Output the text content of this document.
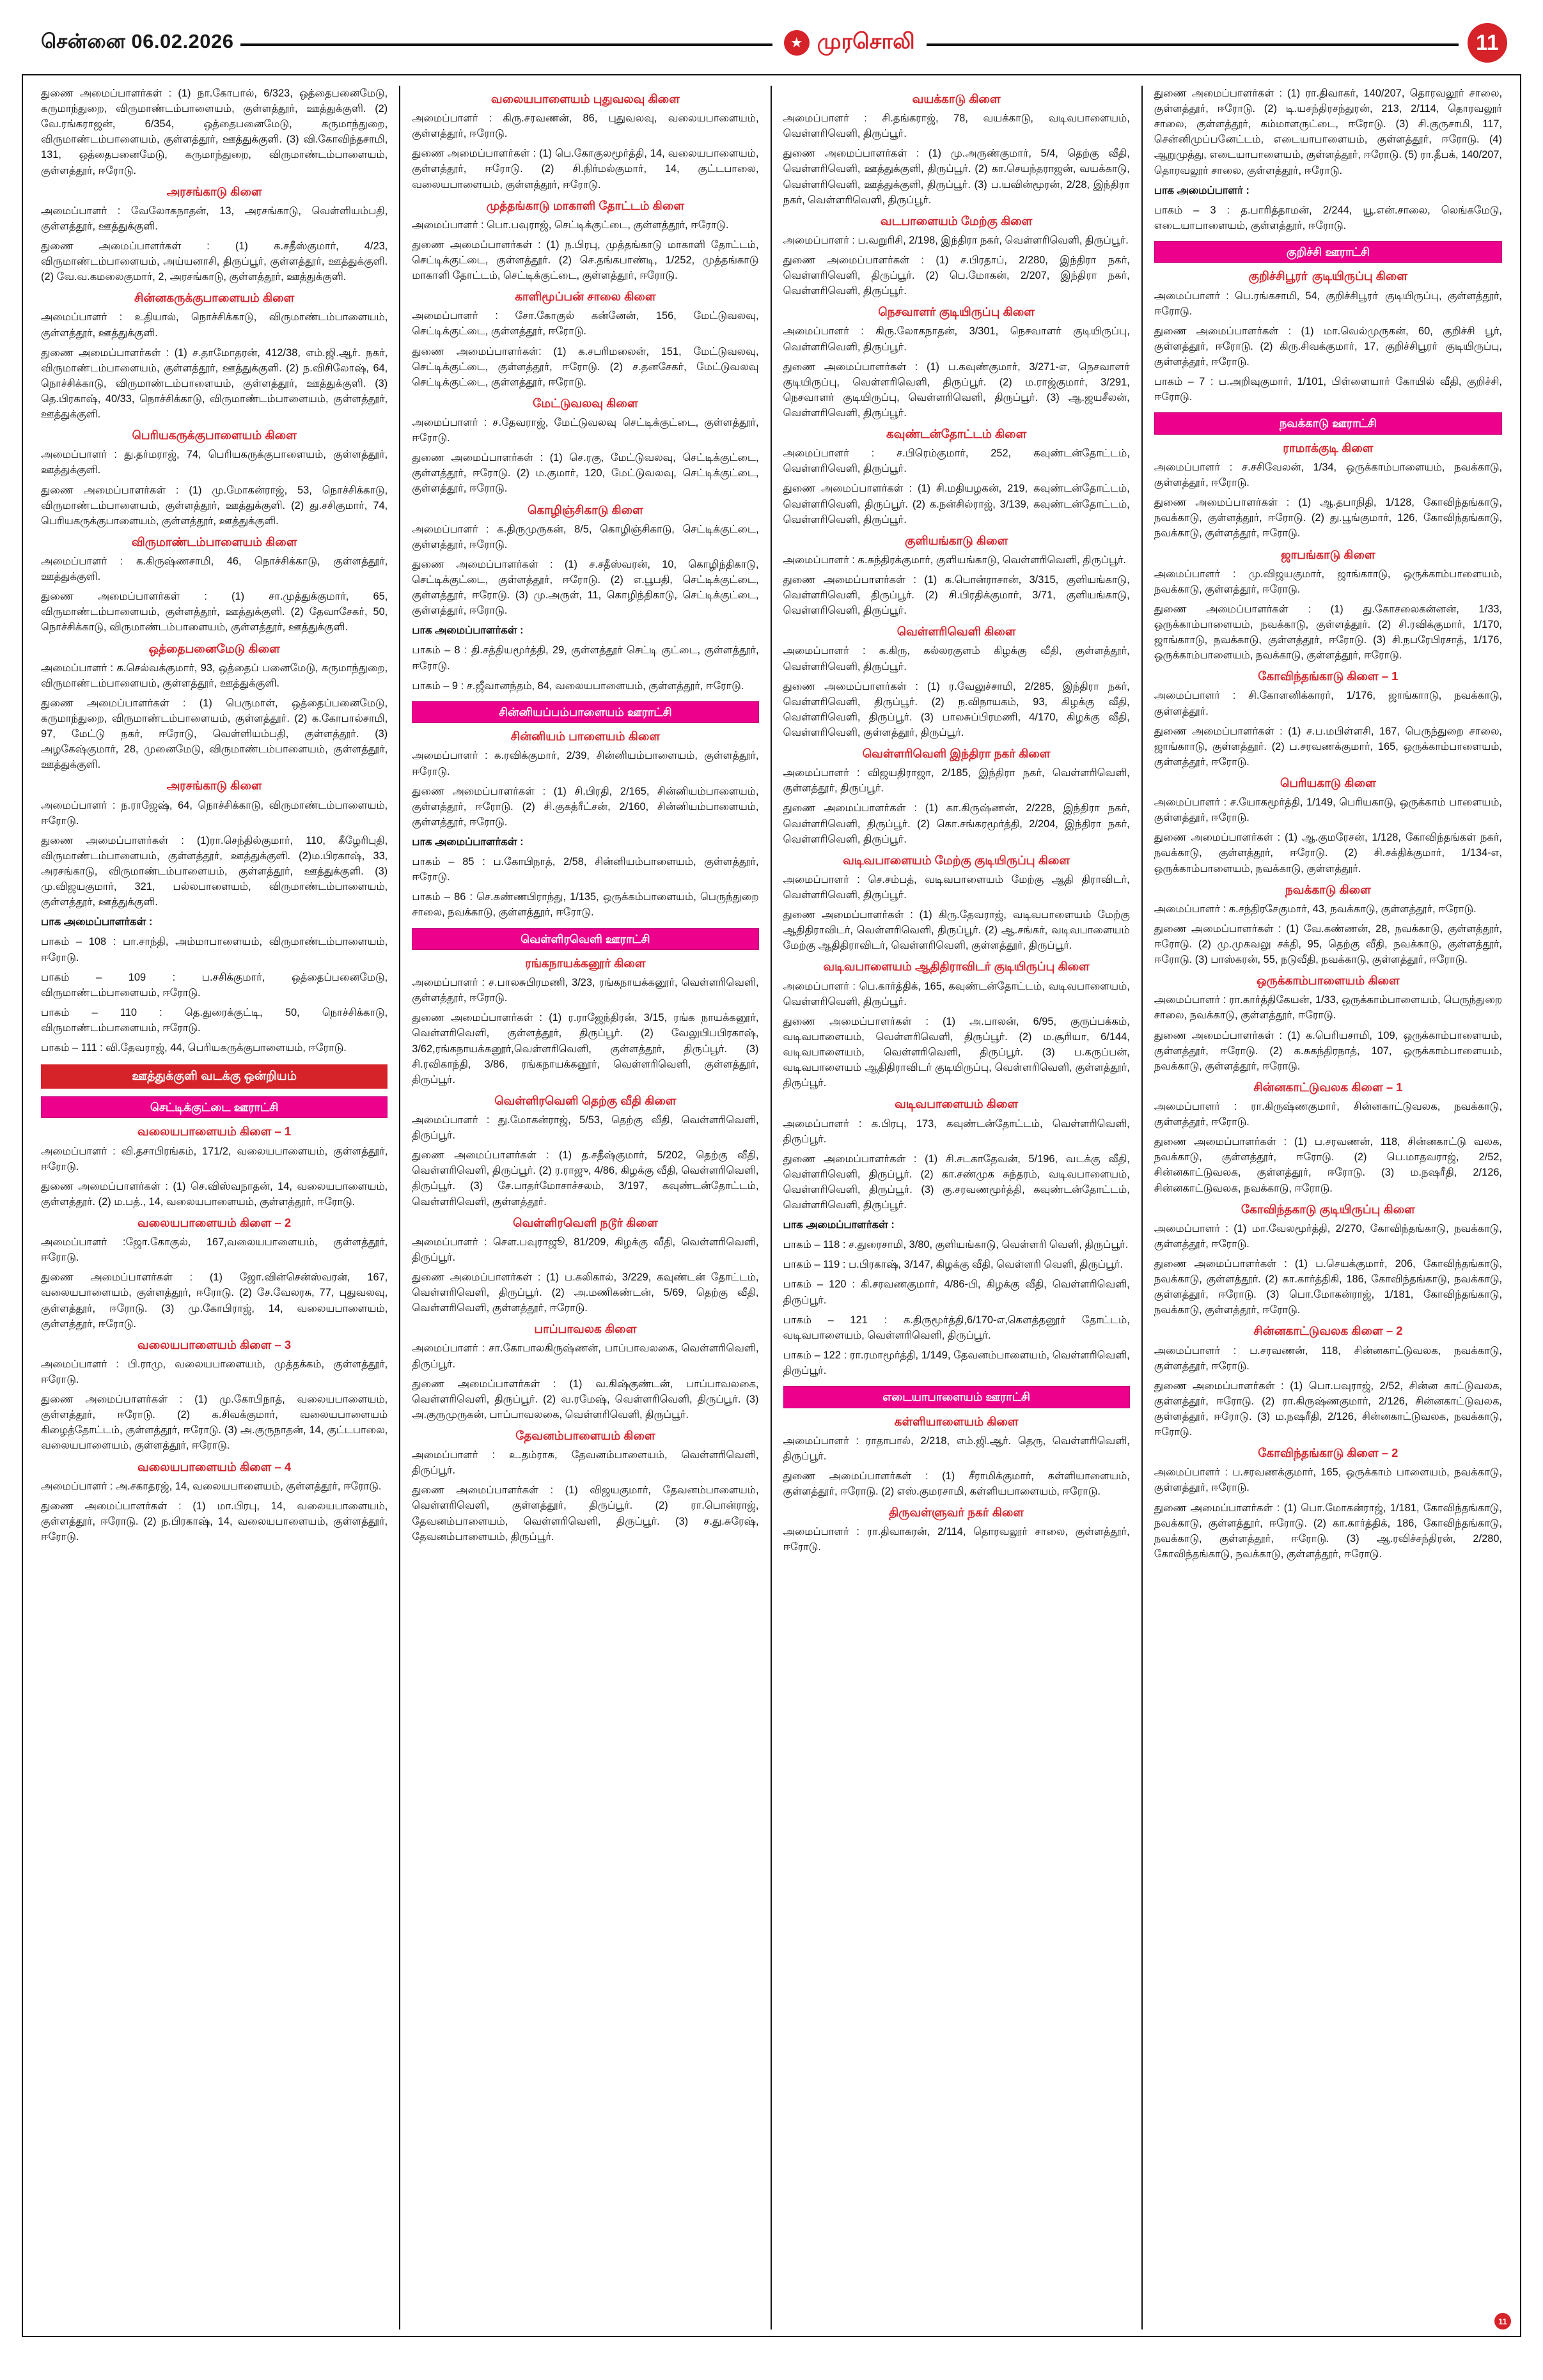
சென்னை 06.02.2026	★ முரசொலி	11
துணை அமைப்பாளர்கள் : (1) நா.கோபால், 6/323, ஒத்தைபனைமேடு, கருமாந்துறை, விருமாண்டம்பாளையம், குள்ளத்தூர், ஊத்துக்குளி. (2) வே.ரங்கராஜன், 6/354, ஒத்தைபனைமேடு, கருமாந்துறை, விருமாண்டம்பாளையம், குள்ளத்தூர், ஊத்துக்குளி. (3) வி.கோவிந்தசாமி, 131, ஒத்தைபனைமேடு, கருமாந்துறை, விருமாண்டம்பாளையம், குள்ளத்தூர், ஈரோடு.
அரசங்காடு கிளை
அமைப்பாளர் : வேலோகநாதன், 13, அரசங்காடு, வெள்ளியம்பதி, குள்ளத்தூர், ஊத்துக்குளி.
துணை அமைப்பாளர்கள் : (1) க.சதீஸ்குமார், 4/23, விருமாண்டம்பாளையம், அய்யனாசி, திருப்பூர், குள்ளத்தூர், ஊத்துக்குளி. (2) வே.வ.கமலைகுமார், 2, அரசங்காடு, குள்ளத்தூர், ஊத்துக்குளி.
சின்னகருக்குபாளையம் கிளை
அமைப்பாளர் : உதியால், நொச்சிக்காடு, விருமாண்டம்பாளையம், குள்ளத்தூர், ஊத்துக்குளி.
துணை அமைப்பாளர்கள் : (1) ச.தாமோதரன், 412/38, எம்.ஜி.ஆர். நகர், விருமாண்டம்பாளையம், குள்ளத்தூர், ஊத்துக்குளி. (2) ந.விசிலோஷ், 64, நொச்சிக்காடு, விருமாண்டம்பாளையம், குள்ளத்தூர், ஊத்துக்குளி. (3) தெ.பிரகாஷ், 40/33, நொச்சிக்காடு, விருமாண்டம்பாளையம், குள்ளத்தூர், ஊத்துக்குளி.
பெரியகருக்குபாளையம் கிளை
அமைப்பாளர் : து.தர்மராஜ், 74, பெரியகருக்குபாளையம், குள்ளத்தூர், ஊத்துக்குளி.
துணை அமைப்பாளர்கள் : (1) மு.மோகன்ராஜ், 53, நொச்சிக்காடு, விருமாண்டம்பாளையம், குள்ளத்தூர், ஊத்துக்குளி. (2) து.சசிகுமார், 74, பெரியகருக்குபாளையம், குள்ளத்தூர், ஊத்துக்குளி.
விருமாண்டம்பாளையம் கிளை
அமைப்பாளர் : க.கிருஷ்ணசாமி, 46, நொச்சிக்காடு, குள்ளத்தூர், ஊத்துக்குளி.
துணை அமைப்பாளர்கள் : (1) சா.முத்துக்குமார், 65, விருமாண்டம்பாளையம், குள்ளத்தூர், ஊத்துக்குளி. (2) தேவாசேகர், 50, நொச்சிக்காடு, விருமாண்டம்பாளையம், குள்ளத்தூர், ஊத்துக்குளி.
ஒத்தைபனைமேடு கிளை
அமைப்பாளர் : க.செல்வக்குமார், 93, ஒத்தைப் பனைமேடு, கருமாந்துறை, விருமாண்டம்பாளையம், குள்ளத்தூர், ஊத்துக்குளி.
துணை அமைப்பாளர்கள் : (1) பெருமாள், ஒத்தைப்பனைமேடு, கருமாந்துறை, விருமாண்டம்பாளையம், குள்ளத்தூர். (2) க.கோபால்சாமி, 97, மேட்டு நகர், ஈரோடு, வெள்ளியம்பதி, குள்ளத்தூர். (3) அழகேஷ்குமார், 28, முனைமேடு, விருமாண்டம்பாளையம், குள்ளத்தூர், ஊத்துக்குளி.
அரசங்காடு கிளை
அமைப்பாளர் : ந.ராஜேஷ், 64, நொச்சிக்காடு, விருமாண்டம்பாளையம், ஈரோடு.
துணை அமைப்பாளர்கள் : (1)ரா.செந்தில்குமார், 110, கீழேரிபுதி, விருமாண்டம்பாளையம், குள்ளத்தூர், ஊத்துக்குளி. (2)ம.பிரகாஷ், 33, அரசங்காடு, விருமாண்டம்பாளையம், குள்ளத்தூர், ஊத்துக்குளி. (3) மு.விஜயகுமார், 321, பல்லபாளையம், விருமாண்டம்பாளையம், குள்ளத்தூர், ஊத்துக்குளி.
பாக அமைப்பாளர்கள் :
பாகம் – 108 : பா.சாந்தி, அம்மாபாளையம், விருமாண்டம்பாளையம், ஈரோடு.
பாகம் – 109 : ப.சசிக்குமார், ஒத்தைப்பனைமேடு, விருமாண்டம்பாளையம், ஈரோடு.
பாகம் – 110 : தெ.துரைக்குட்டி, 50, நொச்சிக்காடு, விருமாண்டம்பாளையம், ஈரோடு.
பாகம் – 111 : வி.தேவராஜ், 44, பெரியகருக்குபாளையம், ஈரோடு.
ஊத்துக்குளி வடக்கு ஒன்றியம்
செட்டிக்குட்டை ஊராட்சி
வலையபாளையம் கிளை – 1
அமைப்பாளர் : வி.தசாபிரங்கம், 171/2, வலையபாளையம், குள்ளத்தூர், ஈரோடு.
துணை அமைப்பாளர்கள் : (1) செ.விஸ்வநாதன், 14, வலையபாளையம், குள்ளத்தூர். (2) ம.பத்., 14, வலையபாளையம், குள்ளத்தூர், ஈரோடு.
வலையபாளையம் கிளை – 2
அமைப்பாளர் :ஜோ.கோகுல், 167,வலையபாளையம், குள்ளத்தூர், ஈரோடு.
துணை அமைப்பாளர்கள் : (1) ஜோ.வின்சென்ஸ்வரன், 167, வலையபாளையம், குள்ளத்தூர், ஈரோடு. (2) சே.வேலரசு, 77, புதுவலவு, குள்ளத்தூர், ஈரோடு. (3) மு.கோபிராஜ், 14, வலையபாளையம், குள்ளத்தூர், ஈரோடு.
வலையபாளையம் கிளை – 3
அமைப்பாளர் : பி.ராமு, வலையபாளையம், முத்தக்கம், குள்ளத்தூர், ஈரோடு.
துணை அமைப்பாளர்கள் : (1) மு.கோபிநாத், வலையபாளையம், குள்ளத்தூர், ஈரோடு. (2) க.சிவக்குமார், வலையபாளையம் கிழைத்தோட்டம், குள்ளத்தூர், ஈரோடு. (3) அ.குருநாதன், 14, குட்டபாலை, வலையபாளையம், குள்ளத்தூர், ஈரோடு.
வலையபாளையம் கிளை – 4
அமைப்பாளர் : அ.சகாதரஜ், 14, வலையபாளையம், குள்ளத்தூர், ஈரோடு.
துணை அமைப்பாளர்கள் : (1) மா.பிரபு, 14, வலையபாளையம், குள்ளத்தூர், ஈரோடு. (2) ந.பிரகாஷ், 14, வலையபாளையம், குள்ளத்தூர், ஈரோடு.
வலையபாளையம் புதுவலவு கிளை
அமைப்பாளர் : கிரு.சரவணன், 86, புதுவலவு, வலையபாளையம், குள்ளத்தூர், ஈரோடு.
துணை அமைப்பாளர்கள் : (1) பெ.கோகுலமூர்த்தி, 14, வலையபாளையம், குள்ளத்தூர், ஈரோடு. (2) சி.நிர்மல்குமார், 14, குட்டபாலை, வலையபாளையம், குள்ளத்தூர், ஈரோடு.
முத்தங்காடு மாகாளி தோட்டம் கிளை
அமைப்பாளர் : பொ.பவுராஜ், செட்டிக்குட்டை, குள்ளத்தூர், ஈரோடு.
துணை அமைப்பாளர்கள் : (1) ந.பிரபு, முத்தங்காடு மாகாளி தோட்டம், செட்டிக்குட்டை, குள்ளத்தூர். (2) செ.தங்கபாண்டி, 1/252, முத்தங்காடு மாகாளி தோட்டம், செட்டிக்குட்டை, குள்ளத்தூர், ஈரோடு.
காளிமூப்பன் சாலை கிளை
அமைப்பாளர் : சோ.கோகுல் கன்னேன், 156, மேட்டுவலவு, செட்டிக்குட்டை, குள்ளத்தூர், ஈரோடு.
துணை அமைப்பாளர்கள்: (1) க.சபரிமலைன், 151, மேட்டுவலவு, செட்டிக்குட்டை, குள்ளத்தூர், ஈரோடு. (2) ச.தனசேகர், மேட்டுவலவு செட்டிக்குட்டை, குள்ளத்தூர், ஈரோடு.
மேட்டுவலவு கிளை
அமைப்பாளர் : ச.தேவராஜ், மேட்டுவலவு செட்டிக்குட்டை, குள்ளத்தூர், ஈரோடு.
துணை அமைப்பாளர்கள் : (1) செ.ரகு, மேட்டுவலவு, செட்டிக்குட்டை, குள்ளத்தூர், ஈரோடு. (2) ம.குமார், 120, மேட்டுவலவு, செட்டிக்குட்டை, குள்ளத்தூர், ஈரோடு.
கொழிஞ்சிகாடு கிளை
அமைப்பாளர் : க.திருமுருகன், 8/5, கொழிஞ்சிகாடு, செட்டிக்குட்டை, குள்ளத்தூர், ஈரோடு.
துணை அமைப்பாளர்கள் : (1) ச.சதீஸ்வரன், 10, கொழிந்திகாடு, செட்டிக்குட்டை, குள்ளத்தூர், ஈரோடு. (2) எ.பூபதி, செட்டிக்குட்டை, குள்ளத்தூர், ஈரோடு. (3) மு.அருள், 11, கொழிந்திகாடு, செட்டிக்குட்டை, குள்ளத்தூர், ஈரோடு.
பாக அமைப்பாளர்கள் :
பாகம் – 8 : தி.சத்தியமூர்த்தி, 29, குள்ளத்தூர் செட்டி குட்டை, குள்ளத்தூர், ஈரோடு.
பாகம் – 9 : ச.ஜீவானந்தம், 84, வலையபாளையம், குள்ளத்தூர், ஈரோடு.
சின்னியப்பம்பாளையம் ஊராட்சி
சின்னியம் பாளையம் கிளை
அமைப்பாளர் : க.ரவிக்குமார், 2/39, சின்னியம்பாளையம், குள்ளத்தூர், ஈரோடு.
துணை அமைப்பாளர்கள் : (1) சி.பிரதி, 2/165, சின்னியம்பாளையம், குள்ளத்தூர், ஈரோடு. (2) சி.குகத்ரீட்சன், 2/160, சின்னியம்பாளையம், குள்ளத்தூர், ஈரோடு.
பாக அமைப்பாளர்கள் :
பாகம் – 85 : ப.கோபிநாத், 2/58, சின்னியம்பாளையம், குள்ளத்தூர், ஈரோடு.
பாகம் – 86 : செ.கண்ணபிராந்து, 1/135, ஒருக்கம்பாளையம், பெருந்துறை சாலை, நவக்காடு, குள்ளத்தூர், ஈரோடு.
வெள்ளிரவெளி ஊராட்சி
ரங்கநாயக்கனூர் கிளை
அமைப்பாளர் : ச.பாலசுபிரமணி, 3/23, ரங்கநாயக்கனூர், வெள்ளரிவெளி, குள்ளத்தூர், ஈரோடு.
துணை அமைப்பாளர்கள் : (1) ர.ராஜேந்திரன், 3/15, ரங்க நாயக்கனூர், வெள்ளரிவெளி, குள்ளத்தூர், திருப்பூர். (2) வேலுபிபபிரகாஷ், 3/62,ரங்கநாயக்கனூர்,வெள்ளரிவெளி, குள்ளத்தூர், திருப்பூர். (3) சி.ரவிகாந்தி, 3/86, ரங்கநாயக்கனூர், வெள்ளரிவெளி, குள்ளத்தூர், திருப்பூர்.
வெள்ளிரவெளி தெற்கு வீதி கிளை
அமைப்பாளர் : து.மோகன்ராஜ், 5/53, தெற்கு வீதி, வெள்ளரிவெளி, திருப்பூர்.
துணை அமைப்பாளர்கள் : (1) த.சதீஷ்குமார், 5/202, தெற்கு வீதி, வெள்ளரிவெளி, திருப்பூர். (2) ர.ராஜு, 4/86, கிழக்கு வீதி, வெள்ளரிவெளி, திருப்பூர். (3) சே.பாதர்மோசாச்சலம், 3/197, கவுண்டன்தோட்டம், வெள்ளரிவெளி, குள்ளத்தூர்.
வெள்ளிரவெளி நடூர் கிளை
அமைப்பாளர் : சௌ.பவுராஜூ, 81/209, கிழக்கு வீதி, வெள்ளரிவெளி, திருப்பூர்.
துணை அமைப்பாளர்கள் : (1) ப.கலிகால், 3/229, கவுண்டன் தோட்டம், வெள்ளரிவெளி, திருப்பூர். (2) அ.மணிகண்டன், 5/69, தெற்கு வீதி, வெள்ளரிவெளி, குள்ளத்தூர், ஈரோடு.
பாப்பாவலக கிளை
அமைப்பாளர் : சா.கோபாலகிருஷ்ணன், பாப்பாவலகை, வெள்ளரிவெளி, திருப்பூர்.
துணை அமைப்பாளர்கள் : (1) வ.கிஷ்குண்டன், பாப்பாவலகை, வெள்ளரிவெளி, திருப்பூர். (2) வ.ரமேஷ், வெள்ளரிவெளி, திருப்பூர். (3) அ.குருமுருகன், பாப்பாவலகை, வெள்ளரிவெளி, திருப்பூர்.
தேவனம்பாளையம் கிளை
அமைப்பாளர் : உ.தம்ராசு, தேவனம்பாளையம், வெள்ளரிவெளி, திருப்பூர்.
துணை அமைப்பாளர்கள் : (1) விஜயகுமார், தேவனம்பாளையம், வெள்ளரிவெளி, குள்ளத்தூர், திருப்பூர். (2) ரா.பொன்ராஜ், தேவனம்பாளையம், வெள்ளரிவெளி, திருப்பூர். (3) ச.து.சுரேஷ், தேவனம்பாளையம், திருப்பூர்.
வயக்காடு கிளை
அமைப்பாளர் : சி.தங்கராஜ், 78, வயக்காடு, வடிவபாளையம், வெள்ளரிவெளி, திருப்பூர்.
துணை அமைப்பாளர்கள் : (1) மு.அருண்குமார், 5/4, தெற்கு வீதி, வெள்ளரிவெளி, ஊத்துக்குளி, திருப்பூர். (2) கா.செயந்தராஜன், வயக்காடு, வெள்ளரிவெளி, ஊத்துக்குளி, திருப்பூர். (3) ப.யவின்மூரன், 2/28, இந்திரா நகர், வெள்ளரிவெளி, திருப்பூர்.
வடபாளையம் மேற்கு கிளை
அமைப்பாளர் : ப.வறுரிசி, 2/198, இந்திரா நகர், வெள்ளரிவெளி, திருப்பூர்.
துணை அமைப்பாளர்கள் : (1) ச.பிரதாப், 2/280, இந்திரா நகர், வெள்ளரிவெளி, திருப்பூர். (2) பெ.மோகன், 2/207, இந்திரா நகர், வெள்ளரிவெளி, திருப்பூர்.
நெசவாளர் குடியிருப்பு கிளை
அமைப்பாளர் : கிரு.லோகநாதன், 3/301, நெசவாளர் குடியிருப்பு, வெள்ளரிவெளி, திருப்பூர்.
துணை அமைப்பாளர்கள் : (1) ப.கவுண்குமார், 3/271-எ, நெசவாளர் குடியிருப்பு, வெள்ளரிவெளி, திருப்பூர். (2) ம.ராஜ்குமார், 3/291, நெசவாளர் குடியிருப்பு, வெள்ளரிவெளி, திருப்பூர். (3) ஆ.ஜயசீலன், வெள்ளரிவெளி, திருப்பூர்.
கவுண்டன்தோட்டம் கிளை
அமைப்பாளர் : ச.பிரெம்குமார், 252, கவுண்டன்தோட்டம், வெள்ளரிவெளி, திருப்பூர்.
துணை அமைப்பாளர்கள் : (1) சி.மதியழகன், 219, கவுண்டன்தோட்டம், வெள்ளரிவெளி, திருப்பூர். (2) க.நன்சில்ராஜ், 3/139, கவுண்டன்தோட்டம், வெள்ளரிவெளி, திருப்பூர்.
குளியங்காடு கிளை
அமைப்பாளர் : க.சுந்திரக்குமார், குளியங்காடு, வெள்ளரிவெளி, திருப்பூர்.
துணை அமைப்பாளர்கள் : (1) க.பொன்ராசான், 3/315, குளியங்காடு, வெள்ளரிவெளி, திருப்பூர். (2) சி.பிரதிக்குமார், 3/71, குளியங்காடு, வெள்ளரிவெளி, திருப்பூர்.
வெள்ளரிவெளி கிளை
அமைப்பாளர் : க.கிரு, கல்லரகுளம் கிழக்கு வீதி, குள்ளத்தூர், வெள்ளரிவெளி, திருப்பூர்.
துணை அமைப்பாளர்கள் : (1) ர.வேலுச்சாமி, 2/285, இந்திரா நகர், வெள்ளரிவெளி, திருப்பூர். (2) ந.விநாயகம், 93, கிழக்கு வீதி, வெள்ளரிவெளி, திருப்பூர். (3) பாலசுப்பிரமணி, 4/170, கிழக்கு வீதி, வெள்ளரிவெளி, குள்ளத்தூர், திருப்பூர்.
வெள்ளரிவெளி இந்திரா நகர் கிளை
அமைப்பாளர் : விஜயதிராஜா, 2/185, இந்திரா நகர், வெள்ளரிவெளி, குள்ளத்தூர், திருப்பூர்.
துணை அமைப்பாளர்கள் : (1) கா.கிருஷ்ணன், 2/228, இந்திரா நகர், வெள்ளரிவெளி, திருப்பூர். (2) கொ.சங்கரமூர்த்தி, 2/204, இந்திரா நகர், வெள்ளரிவெளி, திருப்பூர்.
வடிவபாளையம் மேற்கு குடியிருப்பு கிளை
அமைப்பாளர் : செ.சம்பத், வடிவபாளையம் மேற்கு ஆதி திராவிடர், வெள்ளரிவெளி, திருப்பூர்.
துணை அமைப்பாளர்கள் : (1) கிரு.தேவராஜ், வடிவபாளையம் மேற்கு ஆதிதிராவிடர், வெள்ளரிவெளி, திருப்பூர். (2) ஆ.சங்கர், வடிவபாளையம் மேற்கு ஆதிதிராவிடர், வெள்ளரிவெளி, குள்ளத்தூர், திருப்பூர்.
வடிவபாளையம் ஆதிதிராவிடர் குடியிருப்பு கிளை
அமைப்பாளர் : பெ.கார்த்திக், 165, கவுண்டன்தோட்டம், வடிவபாளையம், வெள்ளரிவெளி, திருப்பூர்.
துணை அமைப்பாளர்கள் : (1) அ.பாலன், 6/95, குருப்பக்கம், வடிவபாளையம், வெள்ளரிவெளி, திருப்பூர். (2) ம.சூரியா, 6/144, வடிவபாளையம், வெள்ளரிவெளி, திருப்பூர். (3) ப.கருப்பன், வடிவபாளையம் ஆதிதிராவிடர் குடியிருப்பு, வெள்ளரிவெளி, குள்ளத்தூர், திருப்பூர்.
வடிவபாளையம் கிளை
அமைப்பாளர் : க.பிரபு, 173, கவுண்டன்தோட்டம், வெள்ளரிவெளி, திருப்பூர்.
துணை அமைப்பாளர்கள் : (1) சி.சடகாதேவன், 5/196, வடக்கு வீதி, வெள்ளரிவெளி, திருப்பூர். (2) கா.சண்முக சுந்தரம், வடிவபாளையம், வெள்ளரிவெளி, திருப்பூர். (3) கு.சரவணமூர்த்தி, கவுண்டன்தோட்டம், வெள்ளரிவெளி, திருப்பூர்.
பாக அமைப்பாளர்கள் :
பாகம் – 118 : ச.துரைசாமி, 3/80, குளியங்காடு, வெள்ளரி வெளி, திருப்பூர்.
பாகம் – 119 : ப.பிரகாஷ், 3/147, கிழக்கு வீதி, வெள்ளரி வெளி, திருப்பூர்.
பாகம் – 120 : கி.சரவணகுமார், 4/86-பி, கிழக்கு வீதி, வெள்ளரிவெளி, திருப்பூர்.
பாகம் – 121 : க.திருமூர்த்தி,6/170-எ,கௌத்தனூர் தோட்டம், வடிவபாளையம், வெள்ளரிவெளி, திருப்பூர்.
பாகம் – 122 : ரா.ரமாமூர்த்தி, 1/149, தேவனம்பாளையம், வெள்ளரிவெளி, திருப்பூர்.
எடையாபாளையம் ஊராட்சி
கள்ளியாளையம் கிளை
அமைப்பாளர் : ராதாபால், 2/218, எம்.ஜி.ஆர். தெரு, வெள்ளரிவெளி, திருப்பூர்.
துணை அமைப்பாளர்கள் : (1) சீராமிக்குமார், கள்ளியாளையம், குள்ளத்தூர், ஈரோடு. (2) எஸ்.குமரசாமி, கள்ளியபாளையம், ஈரோடு.
திருவள்ளுவர் நகர் கிளை
அமைப்பாளர் : ரா.திவாகரன், 2/114, தொரவலூர் சாலை, குள்ளத்தூர், ஈரோடு.
துணை அமைப்பாளர்கள் : (1) ரா.திவாகர், 140/207, தொரவலூர் சாலை, குள்ளத்தூர், ஈரோடு. (2) டி.யசந்திரசந்துரன், 213, 2/114, தொரவலூர் சாலை, குள்ளத்தூர், கம்மாளருட்டை, ஈரோடு. (3) சி.குருசாமி, 117, சென்னிமுப்பனேட்டம், எடையாபாளையம், குள்ளத்தூர், ஈரோடு. (4) ஆறுமுத்து, எடையாபாளையம், குள்ளத்தூர், ஈரோடு. (5) ரா.தீபக், 140/207, தொரவலூர் சாலை, குள்ளத்தூர், ஈரோடு.
பாக அமைப்பாளர் :
பாகம் – 3 : த.பாரித்தாமன், 2/244, யூ.என்.சாலை, லெங்கமேடு, எடையாபாளையம், குள்ளத்தூர், ஈரோடு.
குறிச்சி ஊராட்சி
குறிச்சிபூரா் குடியிருப்பு கிளை
அமைப்பாளர் : பெ.ரங்கசாமி, 54, குறிச்சிபூரா் குடியிருப்பு, குள்ளத்தூர், ஈரோடு.
துணை அமைப்பாளர்கள் : (1) மா.வெல்முருகன், 60, குறிச்சி பூர், குள்ளத்தூர், ஈரோடு. (2) கிரு.சிவக்குமார், 17, குறிச்சிபூரா் குடியிருப்பு, குள்ளத்தூர், ஈரோடு.
பாகம் – 7 : ப.அறிவுகுமார், 1/101, பிள்ளையார் கோயில் வீதி, குறிச்சி, ஈரோடு.
நவக்காடு ஊராட்சி
ராமாக்குடி கிளை
அமைப்பாளர் : ச.சசிவேலன், 1/34, ஒருக்காம்பாளையம், நவக்காடு, குள்ளத்தூர், ஈரோடு.
துணை அமைப்பாளர்கள் : (1) ஆ.தபாநிதி, 1/128, கோவிந்தங்காடு, நவக்காடு, குள்ளத்தூர், ஈரோடு. (2) து.பூங்குமார், 126, கோவிந்தங்காடு, நவக்காடு, குள்ளத்தூர், ஈரோடு.
ஜாபங்காடு கிளை
அமைப்பாளர் : மு.விஜயகுமார், ஜாங்காாடு, ஒருக்காம்பாளையம், நவக்காடு, குள்ளத்தூர், ஈரோடு.
துணை அமைப்பாளர்கள் : (1) து.கோசலைகன்னன், 1/33, ஒருக்காம்பாளையம், நவக்காடு, குள்ளத்தூர். (2) சி.ரவிக்குமார், 1/170, ஜாங்காாடு, நவக்காடு, குள்ளத்தூர், ஈரோடு. (3) சி.நபரேபிரசாத், 1/176, ஒருக்காம்பாளையம், நவக்காடு, குள்ளத்தூர், ஈரோடு.
கோவிந்தங்காடு கிளை – 1
அமைப்பாளர் : சி.கோளனிக்காரர், 1/176, ஜாங்காாடு, நவக்காடு, குள்ளத்தூர்.
துணை அமைப்பாளர்கள் : (1) ச.ப.மபிள்ளசி, 167, பெருந்துறை சாலை, ஜாங்காாடு, குள்ளத்தூர். (2) ப.சரவணக்குமார், 165, ஒருக்காம்பாளையம், குள்ளத்தூர், ஈரோடு.
பெரியகாடு கிளை
அமைப்பாளர் : ச.யோகமூர்த்தி, 1/149, பெரியகாடு, ஒருக்காம் பாளையம், குள்ளத்தூர், ஈரோடு.
துணை அமைப்பாளர்கள் : (1) ஆ.குமரேசன், 1/128, கோவிந்தங்கள் நகர், நவக்காடு, குள்ளத்தூர், ஈரோடு. (2) சி.சக்திக்குமார், 1/134-எ, ஒருக்காம்பாளையம், நவக்காடு, குள்ளத்தூர்.
நவக்காடு கிளை
அமைப்பாளர் : க.சந்திரசேகுமார், 43, நவக்காடு, குள்ளத்தூர், ஈரோடு.
துணை அமைப்பாளர்கள் : (1) வே.கண்ணன், 28, நவக்காடு, குள்ளத்தூர், ஈரோடு. (2) மு.முகவலு சக்தி, 95, தெற்கு வீதி, நவக்காடு, குள்ளத்தூர், ஈரோடு. (3) பாஸ்கரன், 55, நடுவீதி, நவக்காடு, குள்ளத்தூர், ஈரோடு.
ஒருக்காம்பாளையம் கிளை
அமைப்பாளர் : ரா.கார்த்திகேயன், 1/33, ஒருக்காம்பாளையம், பெருந்துறை சாலை, நவக்காடு, குள்ளத்தூர், ஈரோடு.
துணை அமைப்பாளர்கள் : (1) க.பெரியசாமி, 109, ஒருக்காம்பாளையம், குள்ளத்தூர், ஈரோடு. (2) க.சுகந்திரநாத், 107, ஒருக்காம்பாளையம், நவக்காடு, குள்ளத்தூர், ஈரோடு.
சின்னகாட்டுவலக கிளை – 1
அமைப்பாளர் : ரா.கிருஷ்ணகுமார், சின்னகாட்டுவலக, நவக்காடு, குள்ளத்தூர், ஈரோடு.
துணை அமைப்பாளர்கள் : (1) ப.சரவணன், 118, சின்னகாட்டு வலக, நவக்காடு, குள்ளத்தூர், ஈரோடு. (2) பெ.மாதவராஜ், 2/52, சின்னகாட்டுவலக, குள்ளத்தூர், ஈரோடு. (3) ம.நஷரீதி, 2/126, சின்னகாட்டுவலக, நவக்காடு, ஈரோடு.
கோவிந்தகாடு குடியிருப்பு கிளை
அமைப்பாளர் : (1) மா.வேலமூர்த்தி, 2/270, கோவிந்தங்காடு, நவக்காடு, குள்ளத்தூர், ஈரோடு.
துணை அமைப்பாளர்கள் : (1) ப.செயக்குமார், 206, கோவிந்தங்காடு, நவக்காடு, குள்ளத்தூர். (2) கா.கார்த்திகி, 186, கோவிந்தங்காடு, நவக்காடு, குள்ளத்தூர், ஈரோடு. (3) பொ.மோகன்ராஜ், 1/181, கோவிந்தங்காடு, நவக்காடு, குள்ளத்தூர், ஈரோடு.
சின்னகாட்டுவலக கிளை – 2
அமைப்பாளர் : ப.சரவணன், 118, சின்னகாட்டுவலக, நவக்காடு, குள்ளத்தூர், ஈரோடு.
துணை அமைப்பாளர்கள் : (1) பொ.பவுராஜ், 2/52, சின்ன காட்டுவலக, குள்ளத்தூர், ஈரோடு. (2) ரா.கிருஷ்ணகுமார், 2/126, சின்னகாட்டுவலக, குள்ளத்தூர், ஈரோடு. (3) ம.நஷரீதி, 2/126, சின்னகாட்டுவலக, நவக்காடு, ஈரோடு.
கோவிந்தங்காடு கிளை – 2
அமைப்பாளர் : ப.சரவணக்குமார், 165, ஒருக்காம் பாளையம், நவக்காடு, குள்ளத்தூர், ஈரோடு.
துணை அமைப்பாளர்கள் : (1) பொ.மோகன்ராஜ், 1/181, கோவிந்தங்காடு, நவக்காடு, குள்ளத்தூர், ஈரோடு. (2) கா.கார்த்திக், 186, கோவிந்தங்காடு, நவக்காடு, குள்ளத்தூர், ஈரோடு. (3) ஆ.ரவிச்சந்திரன், 2/280, கோவிந்தங்காடு, நவக்காடு, குள்ளத்தூர், ஈரோடு.
11
